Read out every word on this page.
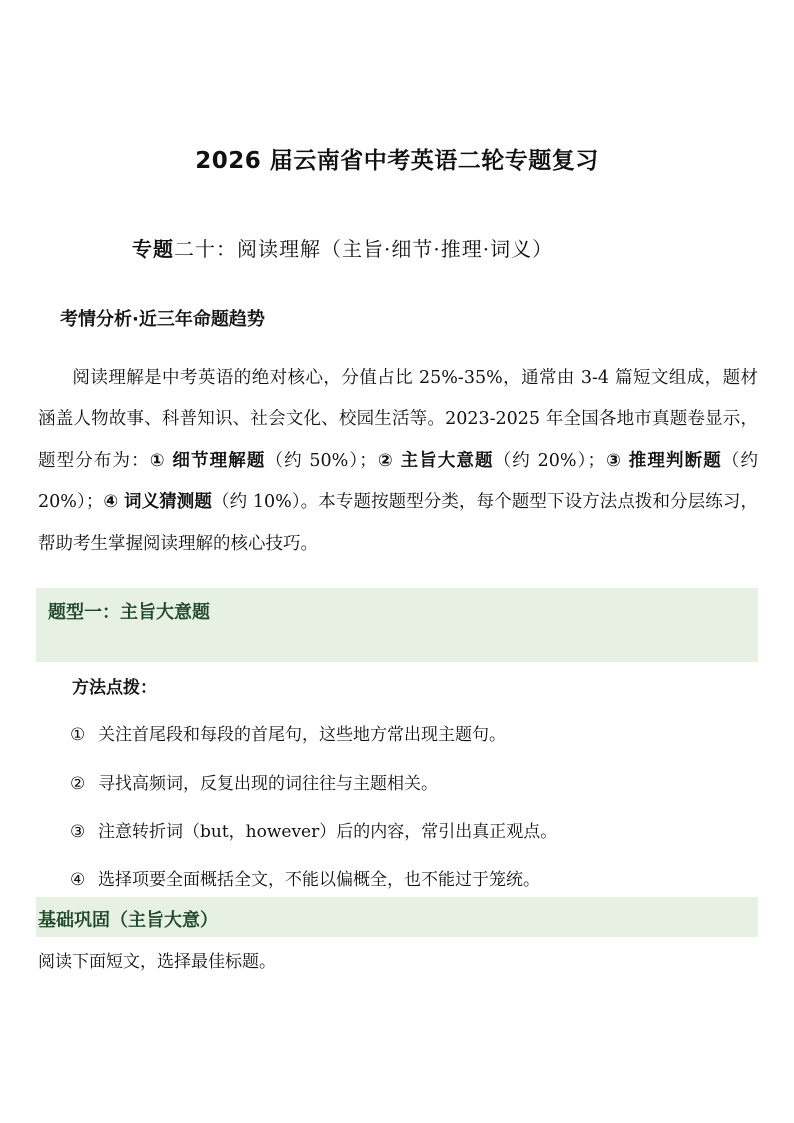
2026 届云南省中考英语二轮专题复习
专题二十：阅读理解（主旨·细节·推理·词义）
考情分析·近三年命题趋势

阅读理解是中考英语的绝对核心，分值占比 25%-35%，通常由 3-4 篇短文组成，题材涵盖人物故事、科普知识、社会文化、校园生活等。2023-2025 年全国各地市真题卷显示，题型分布为：① 细节理解题（约 50%）；② 主旨大意题（约 20%）；③ 推理判断题（约 20%）；④ 词义猜测题（约 10%）。本专题按题型分类，每个题型下设方法点拨和分层练习，帮助考生掌握阅读理解的核心技巧。
题型一：主旨大意题
方法点拨：
① 关注首尾段和每段的首尾句，这些地方常出现主题句。
② 寻找高频词，反复出现的词往往与主题相关。
③ 注意转折词（but，however）后的内容，常引出真正观点。
④ 选择项要全面概括全文，不能以偏概全，也不能过于笼统。
基础巩固（主旨大意）
阅读下面短文，选择最佳标题。
